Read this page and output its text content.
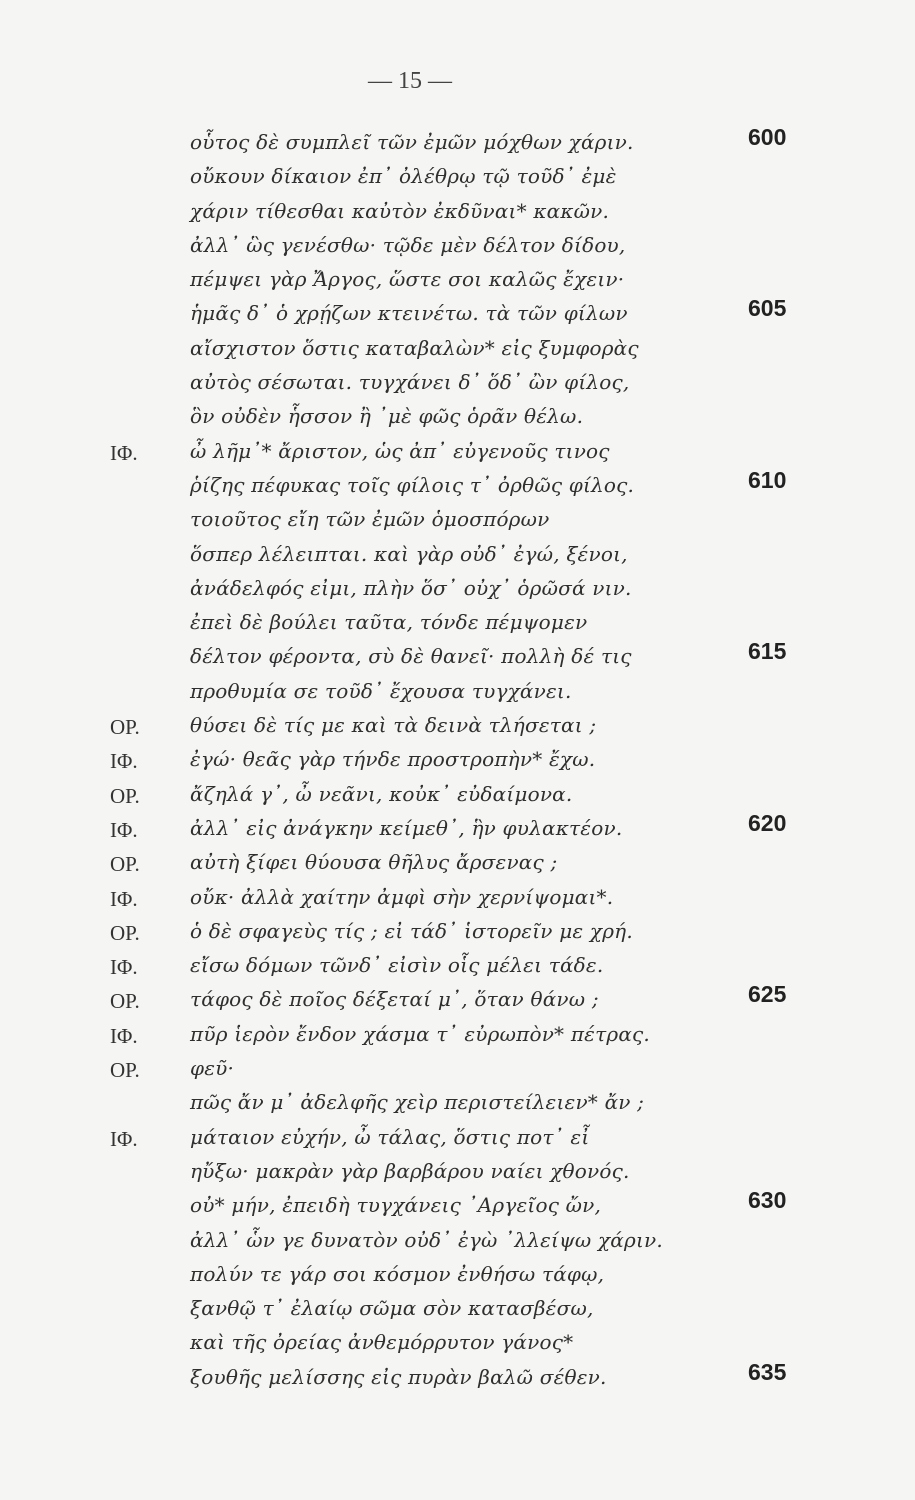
— 15 —
οὗτος δὲ συμπλεῖ τῶν ἐμῶν μόχθων χάριν.	600
οὔκουν δίκαιον ἐπ᾽ ὀλέθρῳ τῷ τοῦδ᾽ ἐμὲ
χάριν τίθεσθαι καὐτὸν ἐκδῦναι* κακῶν.
ἀλλ᾽ ὣς γενέσθω· τῷδε μὲν δέλτον δίδου,
πέμψει γὰρ Ἄργος, ὥστε σοι καλῶς ἔχειν·
ἡμᾶς δ᾽ ὁ χρῄζων κτεινέτω. τὰ τῶν φίλων	605
αἴσχιστον ὅστις καταβαλὼν* εἰς ξυμφορὰς
αὐτὸς σέσωται. τυγχάνει δ᾽ ὅδ᾽ ὢν φίλος,
ὃν οὐδὲν ἧσσον ἢ ᾽μὲ φῶς ὁρᾶν θέλω.
ΙΦ.	ὦ λῆμ᾽* ἄριστον, ὡς ἀπ᾽ εὐγενοῦς τινος
ῥίζης πέφυκας τοῖς φίλοις τ᾽ ὀρθῶς φίλος.	610
τοιοῦτος εἴη τῶν ἐμῶν ὁμοσπόρων
ὅσπερ λέλειπται. καὶ γὰρ οὐδ᾽ ἐγώ, ξένοι,
ἀνάδελφός εἰμι, πλὴν ὅσ᾽ οὐχ᾽ ὁρῶσά νιν.
ἐπεὶ δὲ βούλει ταῦτα, τόνδε πέμψομεν
δέλτον φέροντα, σὺ δὲ θανεῖ· πολλὴ δέ τις	615
προθυμία σε τοῦδ᾽ ἔχουσα τυγχάνει.
ΟΡ.	θύσει δὲ τίς με καὶ τὰ δεινὰ τλήσεται ;
ΙΦ.	ἐγώ· θεᾶς γὰρ τήνδε προστροπὴν* ἔχω.
ΟΡ.	ἄζηλά γ᾽, ὦ νεᾶνι, κοὐκ᾽ εὐδαίμονα.
ΙΦ.	ἀλλ᾽ εἰς ἀνάγκην κείμεθ᾽, ἣν φυλακτέον.	620
ΟΡ.	αὐτὴ ξίφει θύουσα θῆλυς ἄρσενας ;
ΙΦ.	οὔκ· ἀλλὰ χαίτην ἀμφὶ σὴν χερνίψομαι*.
ΟΡ.	ὁ δὲ σφαγεὺς τίς ; εἰ τάδ᾽ ἱστορεῖν με χρή.
ΙΦ.	εἴσω δόμων τῶνδ᾽ εἰσὶν οἷς μέλει τάδε.
ΟΡ.	τάφος δὲ ποῖος δέξεταί μ᾽, ὅταν θάνω ;	625
ΙΦ.	πῦρ ἱερὸν ἔνδον χάσμα τ᾽ εὐρωπὸν* πέτρας.
ΟΡ.	φεῦ·
πῶς ἄν μ᾽ ἀδελφῆς χεὶρ περιστείλειεν* ἄν ;
ΙΦ.	μάταιον εὐχήν, ὦ τάλας, ὅστις ποτ᾽ εἶ
ηὔξω· μακρὰν γὰρ βαρβάρου ναίει χθονός.
οὐ* μήν, ἐπειδὴ τυγχάνεις ᾿Αργεῖος ὤν,	630
ἀλλ᾽ ὧν γε δυνατὸν οὐδ᾽ ἐγὼ ᾿λλείψω χάριν.
πολύν τε γάρ σοι κόσμον ἐνθήσω τάφῳ,
ξανθῷ τ᾽ ἐλαίῳ σῶμα σὸν κατασβέσω,
καὶ τῆς ὀρείας ἀνθεμόρρυτον γάνος*
ξουθῆς μελίσσης εἰς πυρὰν βαλῶ σέθεν.	635
